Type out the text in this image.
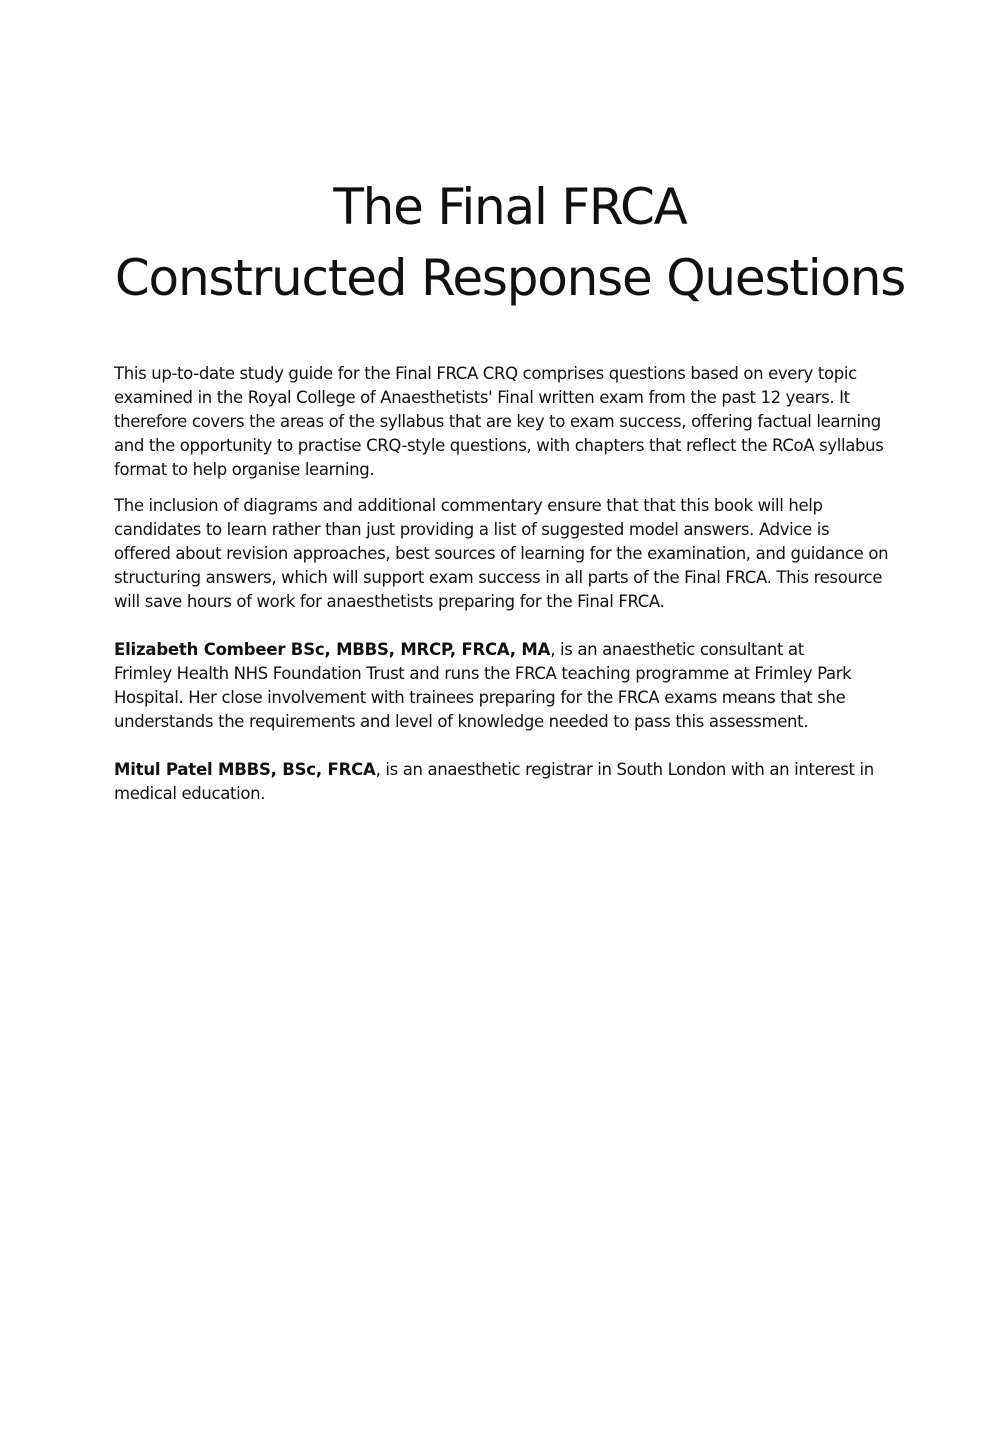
The Final FRCA
Constructed Response Questions
This up-to-date study guide for the Final FRCA CRQ comprises questions based on every topic
examined in the Royal College of Anaesthetists' Final written exam from the past 12 years. It
therefore covers the areas of the syllabus that are key to exam success, offering factual learning
and the opportunity to practise CRQ-style questions, with chapters that reflect the RCoA syllabus
format to help organise learning.
The inclusion of diagrams and additional commentary ensure that that this book will help
candidates to learn rather than just providing a list of suggested model answers. Advice is
offered about revision approaches, best sources of learning for the examination, and guidance on
structuring answers, which will support exam success in all parts of the Final FRCA. This resource
will save hours of work for anaesthetists preparing for the Final FRCA.
Elizabeth Combeer BSc, MBBS, MRCP, FRCA, MA, is an anaesthetic consultant at
Frimley Health NHS Foundation Trust and runs the FRCA teaching programme at Frimley Park
Hospital. Her close involvement with trainees preparing for the FRCA exams means that she
understands the requirements and level of knowledge needed to pass this assessment.
Mitul Patel MBBS, BSc, FRCA, is an anaesthetic registrar in South London with an interest in
medical education.
